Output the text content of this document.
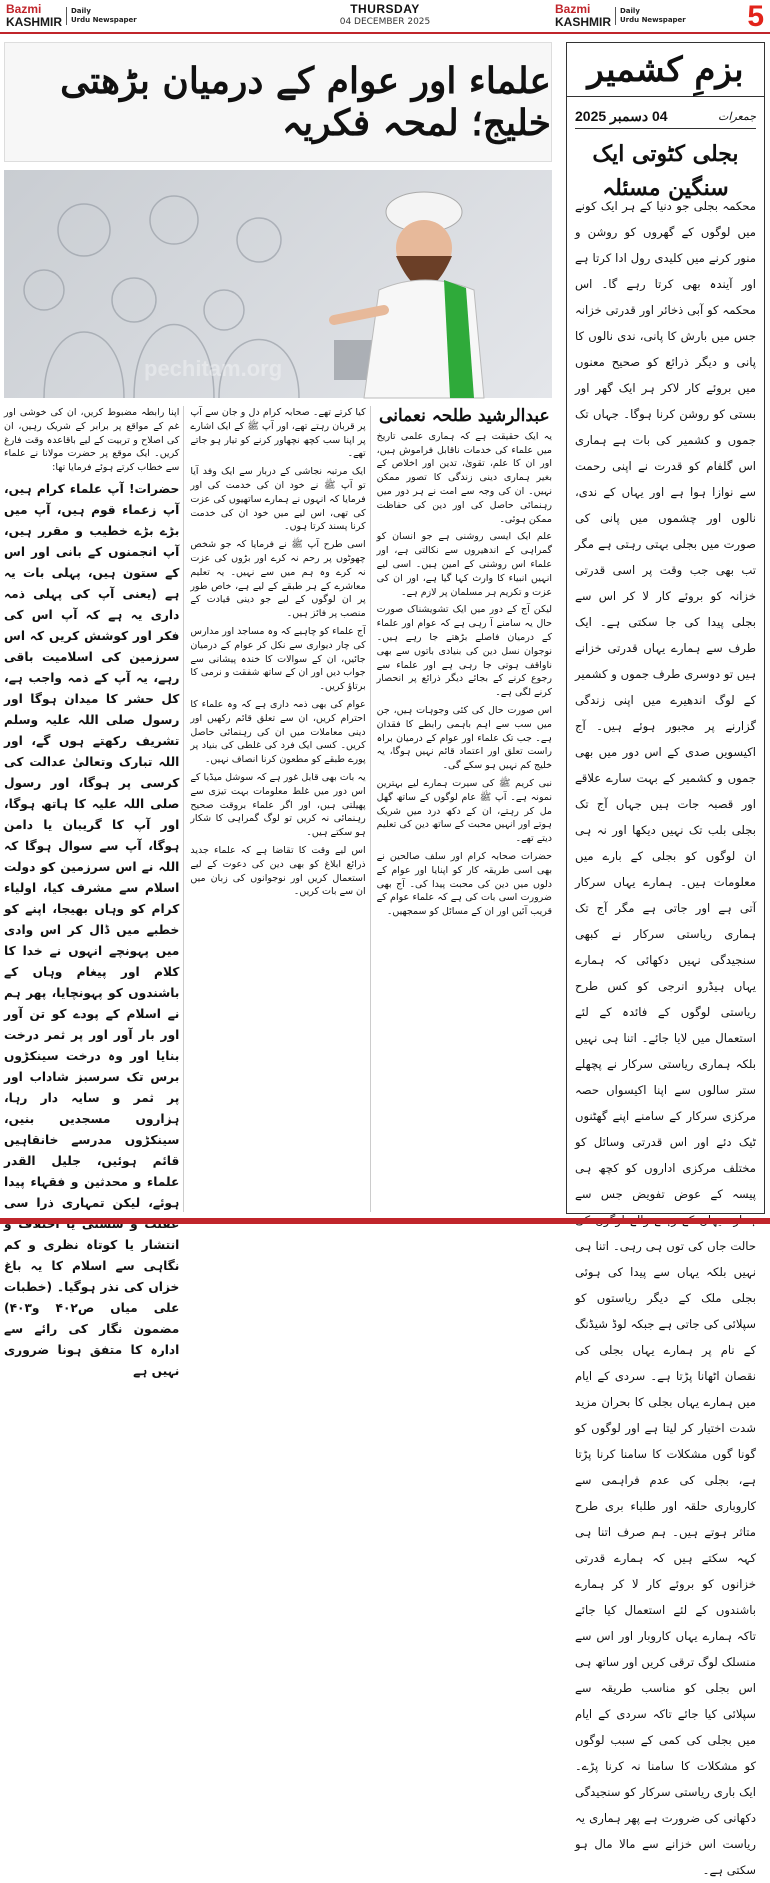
Bazmi
KASHMIR
Daily
Urdu Newspaper
THURSDAY
04 DECEMBER 2025
Bazmi
KASHMIR
Daily
Urdu Newspaper 5
علماء اور عوام کے درمیان بڑھتی خلیج؛ لمحہ فکریہ
pechitam.org
عبدالرشید طلحہ نعمانی

یہ ایک حقیقت ہے کہ ہماری علمی تاریخ میں علماء کی خدمات ناقابل فراموش ہیں، اور ان کا علم، تقویٰ، تدین اور اخلاص کے بغیر ہماری دینی زندگی کا تصور ممکن نہیں۔ ان کی وجہ سے امت نے ہر دور میں رہنمائی حاصل کی اور دین کی حفاظت ممکن ہوئی۔

علم ایک ایسی روشنی ہے جو انسان کو گمراہی کے اندھیروں سے نکالتی ہے، اور علماء اس روشنی کے امین ہیں۔ اسی لیے انہیں انبیاء کا وارث کہا گیا ہے، اور ان کی عزت و تکریم ہر مسلمان پر لازم ہے۔

لیکن آج کے دور میں ایک تشویشناک صورت حال یہ سامنے آ رہی ہے کہ عوام اور علماء کے درمیان فاصلے بڑھتے جا رہے ہیں۔ نوجوان نسل دین کی بنیادی باتوں سے بھی ناواقف ہوتی جا رہی ہے اور علماء سے رجوع کرنے کے بجائے دیگر ذرائع پر انحصار کرنے لگی ہے۔

اس صورت حال کی کئی وجوہات ہیں، جن میں سب سے اہم باہمی رابطے کا فقدان ہے۔ جب تک علماء اور عوام کے درمیان براہ راست تعلق اور اعتماد قائم نہیں ہوگا، یہ خلیج کم نہیں ہو سکے گی۔

نبی کریم ﷺ کی سیرت ہمارے لیے بہترین نمونہ ہے۔ آپ ﷺ عام لوگوں کے ساتھ گھل مل کر رہتے، ان کے دکھ درد میں شریک ہوتے اور انہیں محبت کے ساتھ دین کی تعلیم دیتے تھے۔

حضرات صحابہ کرام اور سلف صالحین نے بھی اسی طریقہ کار کو اپنایا اور عوام کے دلوں میں دین کی محبت پیدا کی۔ آج بھی ضرورت اسی بات کی ہے کہ علماء عوام کے قریب آئیں اور ان کے مسائل کو سمجھیں۔

کیا کرتے تھے۔ صحابہ کرام دل و جان سے آپ پر قربان رہتے تھے، اور آپ ﷺ کے ایک اشارے پر اپنا سب کچھ نچھاور کرنے کو تیار ہو جاتے تھے۔

ایک مرتبہ نجاشی کے دربار سے ایک وفد آیا تو آپ ﷺ نے خود ان کی خدمت کی اور فرمایا کہ انہوں نے ہمارے ساتھیوں کی عزت کی تھی، اس لیے میں خود ان کی خدمت کرنا پسند کرتا ہوں۔

اسی طرح آپ ﷺ نے فرمایا کہ جو شخص چھوٹوں پر رحم نہ کرے اور بڑوں کی عزت نہ کرے وہ ہم میں سے نہیں۔ یہ تعلیم معاشرے کے ہر طبقے کے لیے ہے، خاص طور پر ان لوگوں کے لیے جو دینی قیادت کے منصب پر فائز ہیں۔

آج علماء کو چاہیے کہ وہ مساجد اور مدارس کی چار دیواری سے نکل کر عوام کے درمیان جائیں، ان کے سوالات کا خندہ پیشانی سے جواب دیں اور ان کے ساتھ شفقت و نرمی کا برتاؤ کریں۔

عوام کی بھی ذمہ داری ہے کہ وہ علماء کا احترام کریں، ان سے تعلق قائم رکھیں اور دینی معاملات میں ان کی رہنمائی حاصل کریں۔ کسی ایک فرد کی غلطی کی بنیاد پر پورے طبقے کو مطعون کرنا انصاف نہیں۔

یہ بات بھی قابل غور ہے کہ سوشل میڈیا کے اس دور میں غلط معلومات بہت تیزی سے پھیلتی ہیں، اور اگر علماء بروقت صحیح رہنمائی نہ کریں تو لوگ گمراہی کا شکار ہو سکتے ہیں۔

اس لیے وقت کا تقاضا ہے کہ علماء جدید ذرائع ابلاغ کو بھی دین کی دعوت کے لیے استعمال کریں اور نوجوانوں کی زبان میں ان سے بات کریں۔

اپنا رابطہ مضبوط کریں، ان کی خوشی اور غم کے مواقع پر برابر کے شریک رہیں، ان کی اصلاح و تربیت کے لیے باقاعدہ وقت فارغ کریں۔ ایک موقع پر حضرت مولانا نے علماء سے خطاب کرتے ہوئے فرمایا تھا:

حضرات! آپ علماء کرام ہیں، آپ زعماء قوم ہیں، آپ میں بڑے بڑے خطیب و مقرر ہیں، آپ انجمنوں کے بانی اور اس کے ستون ہیں، پہلی بات یہ ہے (یعنی آپ کی پہلی ذمہ داری یہ ہے کہ آپ اس کی فکر اور کوشش کریں کہ اس سرزمین کی اسلامیت باقی رہے، یہ آپ کے ذمہ واجب ہے، کل حشر کا میدان ہوگا اور رسول صلی اللہ علیہ وسلم تشریف رکھتے ہوں گے، اور اللہ تبارک وتعالیٰ عدالت کی کرسی پر ہوگا، اور رسول صلی اللہ علیہ کا ہاتھ ہوگا، اور آپ کا گریبان یا دامن ہوگا، آپ سے سوال ہوگا کہ اللہ نے اس سرزمین کو دولت اسلام سے مشرف کیا، اولیاء کرام کو وہاں بھیجا، اپنے کو خطبے میں ڈال کر اس وادی میں پہونچے انہوں نے خدا کا کلام اور پیغام وہاں کے باشندوں کو پہونچایا، پھر ہم نے اسلام کے پودے کو تن آور اور بار آور اور پر ثمر درخت بنایا اور وہ درخت سینکڑوں برس تک سرسبز شاداب اور پر ثمر و سایہ دار رہا، ہزاروں مسجدیں بنیں، سینکڑوں مدرسے خانقاہیں قائم ہوئیں، جلیل القدر علماء و محدثین و فقہاء پیدا ہوئے، لیکن تمہاری ذرا سی انتشار یا کوتاہ نظری و کم نگاہی سے اسلام کا یہ باغ خزاں کی نذر ہوگیا۔ (خطبات علی میاں ص۴۰۲ و۴۰۳) مضمون نگار کی رائے سے ادارہ کا متفق ہونا ضروری نہیں ہے

بزمِ کشمیر
جمعرات
04 دسمبر 2025
بجلی کٹوتی ایک سنگین مسئلہ
محکمہ بجلی جو دنیا کے ہر ایک کونے میں لوگوں کے گھروں کو روشن و منور کرنے میں کلیدی رول ادا کرتا ہے اور آیندہ بھی کرتا رہے گا۔ اس محکمہ کو آبی ذخائر اور قدرتی خزانہ جس میں بارش کا پانی، ندی نالوں کا پانی و دیگر ذرائع کو صحیح معنوں میں بروئے کار لاکر ہر ایک گھر اور بستی کو روشن کرنا ہوگا۔ جہاں تک جموں و کشمیر کی بات ہے ہماری اس گلفام کو قدرت نے اپنی رحمت سے نوازا ہوا ہے اور یہاں کے ندی، نالوں اور چشموں میں پانی کی صورت میں بجلی بہتی رہتی ہے مگر تب بھی جب وقت پر اسی قدرتی خزانہ کو بروئے کار لا کر اس سے بجلی پیدا کی جا سکتی ہے۔ ایک طرف سے ہمارے یہاں قدرتی خزانے ہیں تو دوسری طرف جموں و کشمیر کے لوگ اندھیرے میں اپنی زندگی گزارنے پر مجبور ہوئے ہیں۔ آج اکیسویں صدی کے اس دور میں بھی جموں و کشمیر کے بہت سارے علاقے اور قصبہ جات ہیں جہاں آج تک بجلی بلب تک نہیں دیکھا اور نہ ہی ان لوگوں کو بجلی کے بارے میں معلومات ہیں۔ ہمارے یہاں سرکار آتی ہے اور جاتی ہے مگر آج تک ہماری ریاستی سرکار نے کبھی سنجیدگی نہیں دکھائی کہ ہمارے یہاں ہیڈرو انرجی کو کس طرح ریاستی لوگوں کے فائدہ کے لئے استعمال میں لایا جائے۔ اتنا ہی نہیں بلکہ ہماری ریاستی سرکار نے پچھلے ستر سالوں سے اپنا اکیسواں حصہ مرکزی سرکار کے سامنے اپنے گھٹنوں ٹیک دئے اور اس قدرتی وسائل کو مختلف مرکزی اداروں کو کچھ ہی پیسہ کے عوض تفویض جس سے حالت جاں کی توں ہی رہی۔ اتنا ہی نہیں بلکہ یہاں سے پیدا کی ہوئی بجلی ملک کے دیگر ریاستوں کو سپلائی کی جاتی ہے جبکہ لوڈ شیڈنگ کے نام پر ہمارے یہاں بجلی کی نقصان اٹھانا پڑتا ہے۔ سردی کے ایام میں ہمارے یہاں بجلی کا بحران مزید شدت اختیار کر لیتا ہے اور لوگوں کو گونا گوں مشکلات کا سامنا کرنا پڑتا ہے، بجلی کی عدم فراہمی سے کاروباری حلقہ اور طلباء بری طرح متاثر ہوتے ہیں۔ ہم صرف اتنا ہی کہہ سکتے ہیں کہ ہمارے قدرتی خزانوں کو بروئے کار لا کر ہمارے باشندوں کے لئے استعمال کیا جائے تاکہ ہمارے یہاں کاروبار اور اس سے منسلک لوگ ترقی کریں اور ساتھ ہی اس بجلی کو مناسب طریقہ سے سپلائی کیا جائے تاکہ سردی کے ایام میں بجلی کی کمی کے سبب لوگوں کو مشکلات کا سامنا نہ کرنا پڑے۔ ایک باری ریاستی سرکار کو سنجیدگی دکھانی کی ضرورت ہے پھر ہماری یہ ریاست اس خزانے سے مالا مال ہو سکتی ہے۔
